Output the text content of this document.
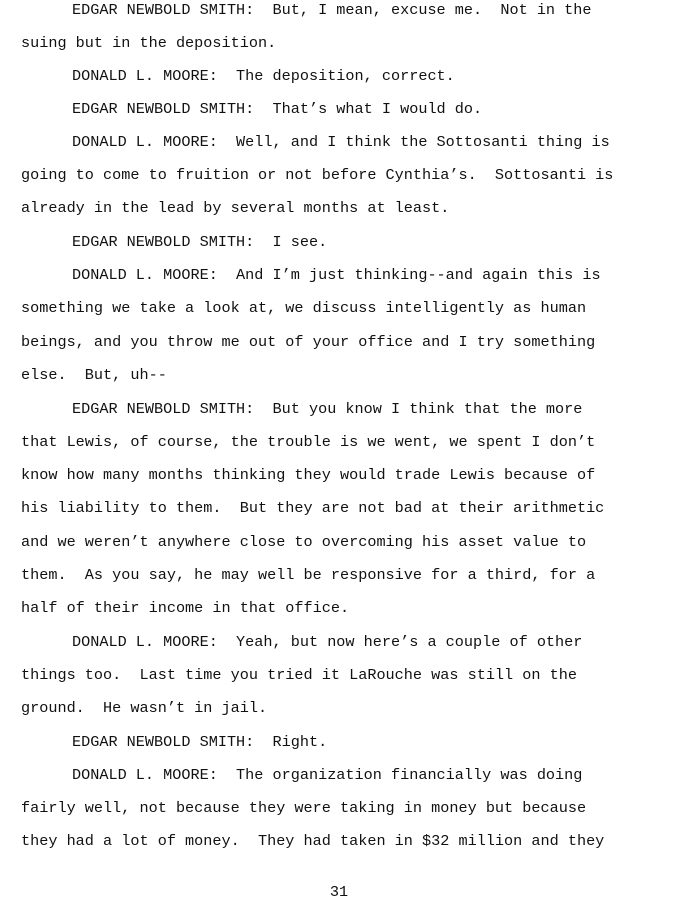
EDGAR NEWBOLD SMITH:  But, I mean, excuse me.  Not in the
suing but in the deposition.
DONALD L. MOORE:  The deposition, correct.
EDGAR NEWBOLD SMITH:  That’s what I would do.
DONALD L. MOORE:  Well, and I think the Sottosanti thing is
going to come to fruition or not before Cynthia’s.  Sottosanti is
already in the lead by several months at least.
EDGAR NEWBOLD SMITH:  I see.
DONALD L. MOORE:  And I’m just thinking--and again this is
something we take a look at, we discuss intelligently as human
beings, and you throw me out of your office and I try something
else.  But, uh--
EDGAR NEWBOLD SMITH:  But you know I think that the more
that Lewis, of course, the trouble is we went, we spent I don’t
know how many months thinking they would trade Lewis because of
his liability to them.  But they are not bad at their arithmetic
and we weren’t anywhere close to overcoming his asset value to
them.  As you say, he may well be responsive for a third, for a
half of their income in that office.
DONALD L. MOORE:  Yeah, but now here’s a couple of other
things too.  Last time you tried it LaRouche was still on the
ground.  He wasn’t in jail.
EDGAR NEWBOLD SMITH:  Right.
DONALD L. MOORE:  The organization financially was doing
fairly well, not because they were taking in money but because
they had a lot of money.  They had taken in $32 million and they
31
